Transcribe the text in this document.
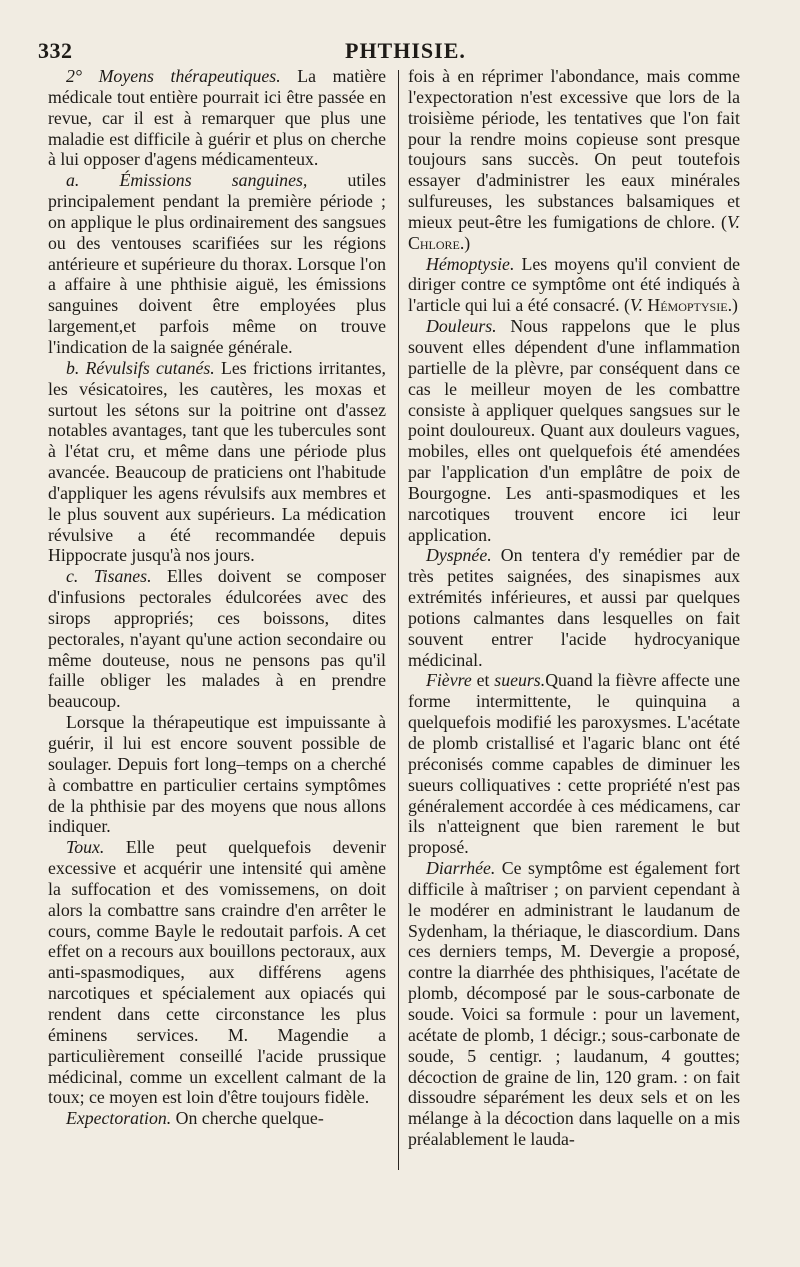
332	PHTHISIE.

2° Moyens thérapeutiques. La matière médicale tout entière pourrait ici être passée en revue, car il est à remarquer que plus une maladie est difficile à guérir et plus on cherche à lui opposer d'agens médicamenteux.

a. Émissions sanguines, utiles principalement pendant la première période ; on applique le plus ordinairement des sangsues ou des ventouses scarifiées sur les régions antérieure et supérieure du thorax. Lorsque l'on a affaire à une phthisie aiguë, les émissions sanguines doivent être employées plus largement,et parfois même on trouve l'indication de la saignée générale.

b. Révulsifs cutanés. Les frictions irritantes, les vésicatoires, les cautères, les moxas et surtout les sétons sur la poitrine ont d'assez notables avantages, tant que les tubercules sont à l'état cru, et même dans une période plus avancée. Beaucoup de praticiens ont l'habitude d'appliquer les agens révulsifs aux membres et le plus souvent aux supérieurs. La médication révulsive a été recommandée depuis Hippocrate jusqu'à nos jours.

c. Tisanes. Elles doivent se composer d'infusions pectorales édulcorées avec des sirops appropriés; ces boissons, dites pectorales, n'ayant qu'une action secondaire ou même douteuse, nous ne pensons pas qu'il faille obliger les malades à en prendre beaucoup.

Lorsque la thérapeutique est impuissante à guérir, il lui est encore souvent possible de soulager. Depuis fort long–temps on a cherché à combattre en particulier certains symptômes de la phthisie par des moyens que nous allons indiquer.

Toux. Elle peut quelquefois devenir excessive et acquérir une intensité qui amène la suffocation et des vomissemens, on doit alors la combattre sans craindre d'en arrêter le cours, comme Bayle le redoutait parfois. A cet effet on a recours aux bouillons pectoraux, aux anti-spasmodiques, aux différens agens narcotiques et spécialement aux opiacés qui rendent dans cette circonstance les plus éminens services. M. Magendie a particulièrement conseillé l'acide prussique médicinal, comme un excellent calmant de la toux; ce moyen est loin d'être toujours fidèle.

Expectoration. On cherche quelque-

fois à en réprimer l'abondance, mais comme l'expectoration n'est excessive que lors de la troisième période, les tentatives que l'on fait pour la rendre moins copieuse sont presque toujours sans succès. On peut toutefois essayer d'administrer les eaux minérales sulfureuses, les substances balsamiques et mieux peut-être les fumigations de chlore. (V. Chlore.)

Hémoptysie. Les moyens qu'il convient de diriger contre ce symptôme ont été indiqués à l'article qui lui a été consacré. (V. Hémoptysie.)

Douleurs. Nous rappelons que le plus souvent elles dépendent d'une inflammation partielle de la plèvre, par conséquent dans ce cas le meilleur moyen de les combattre consiste à appliquer quelques sangsues sur le point douloureux. Quant aux douleurs vagues, mobiles, elles ont quelquefois été amendées par l'application d'un emplâtre de poix de Bourgogne. Les anti-spasmodiques et les narcotiques trouvent encore ici leur application.

Dyspnée. On tentera d'y remédier par de très petites saignées, des sinapismes aux extrémités inférieures, et aussi par quelques potions calmantes dans lesquelles on fait souvent entrer l'acide hydrocyanique médicinal.

Fièvre et sueurs.Quand la fièvre affecte une forme intermittente, le quinquina a quelquefois modifié les paroxysmes. L'acétate de plomb cristallisé et l'agaric blanc ont été préconisés comme capables de diminuer les sueurs colliquatives : cette propriété n'est pas généralement accordée à ces médicamens, car ils n'atteignent que bien rarement le but proposé.

Diarrhée. Ce symptôme est également fort difficile à maîtriser ; on parvient cependant à le modérer en administrant le laudanum de Sydenham, la thériaque, le diascordium. Dans ces derniers temps, M. Devergie a proposé, contre la diarrhée des phthisiques, l'acétate de plomb, décomposé par le sous-carbonate de soude. Voici sa formule : pour un lavement, acétate de plomb, 1 décigr.; sous-carbonate de soude, 5 centigr. ; laudanum, 4 gouttes; décoction de graine de lin, 120 gram. : on fait dissoudre séparément les deux sels et on les mélange à la décoction dans laquelle on a mis préalablement le lauda-
